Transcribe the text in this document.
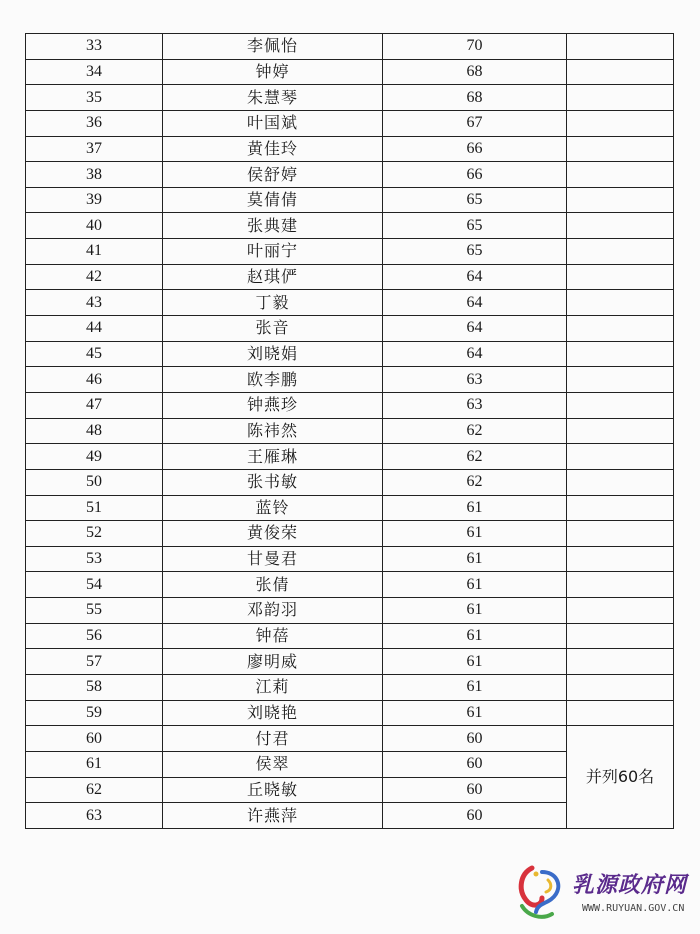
33	李佩怡	70	
34	钟婷	68	
35	朱慧琴	68	
36	叶国斌	67	
37	黄佳玲	66	
38	侯舒婷	66	
39	莫倩倩	65	
40	张典建	65	
41	叶丽宁	65	
42	赵琪俨	64	
43	丁毅	64	
44	张音	64	
45	刘晓娟	64	
46	欧李鹏	63	
47	钟燕珍	63	
48	陈祎然	62	
49	王雁琳	62	
50	张书敏	62	
51	蓝铃	61	
52	黄俊荣	61	
53	甘曼君	61	
54	张倩	61	
55	邓韵羽	61	
56	钟蓓	61	
57	廖明威	61	
58	江莉	61	
59	刘晓艳	61	
60	付君	60	并列60名
61	侯翠	60	
62	丘晓敏	60	
63	许燕萍	60	
乳源政府网
WWW.RUYUAN.GOV.CN
